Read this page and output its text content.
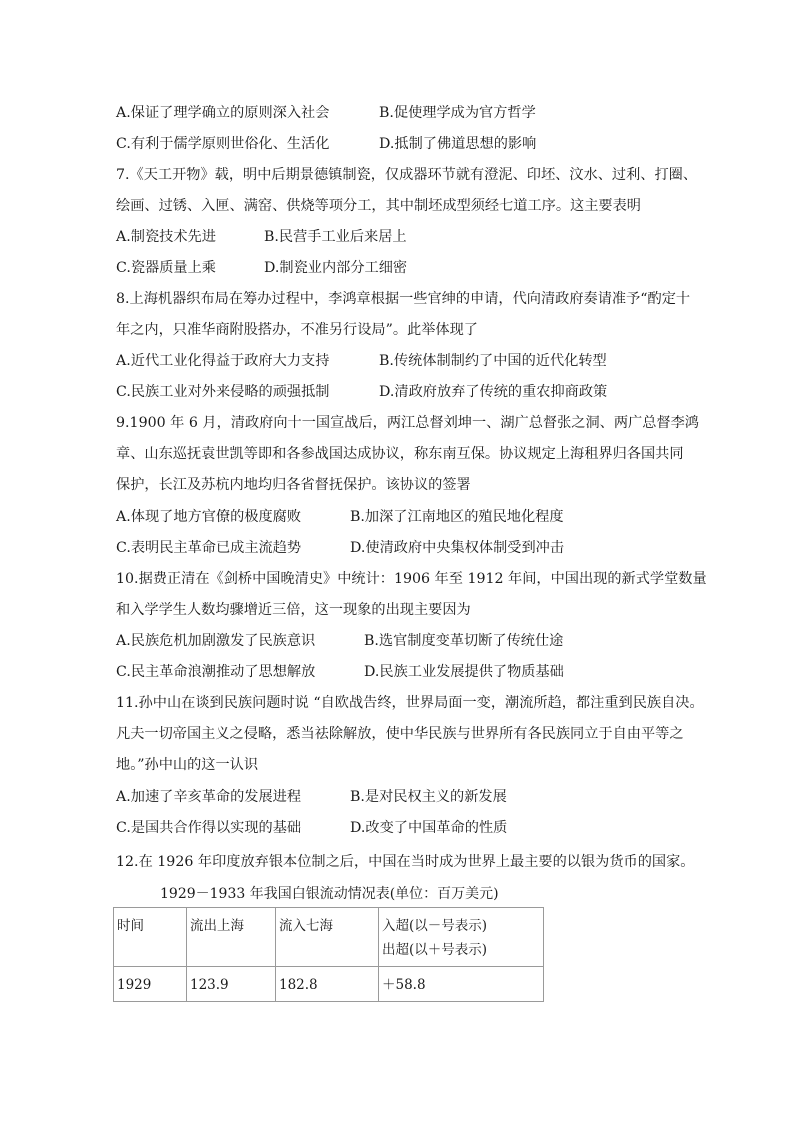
A.保证了理学确立的原则深入社会	B.促使理学成为官方哲学
C.有利于儒学原则世俗化、生活化	D.抵制了佛道思想的影响
7.《天工开物》载，明中后期景德镇制瓷，仅成器环节就有澄泥、印坯、汶水、过利、打圈、
绘画、过锈、入匣、满窑、供烧等项分工，其中制坯成型须经七道工序。这主要表明
A.制瓷技术先进	B.民营手工业后来居上
C.瓷器质量上乘	D.制瓷业内部分工细密
8.上海机器织布局在筹办过程中，李鸿章根据一些官绅的申请，代向清政府奏请准予“酌定十
年之内，只准华商附股搭办，不准另行设局”。此举体现了
A.近代工业化得益于政府大力支持	B.传统体制制约了中国的近代化转型
C.民族工业对外来侵略的顽强抵制	D.清政府放弃了传统的重农抑商政策
9.1900 年 6 月，清政府向十一国宣战后，两江总督刘坤一、湖广总督张之洞、两广总督李鸿
章、山东巡抚袁世凯等即和各参战国达成协议，称东南互保。协议规定上海租界归各国共同
保护，长江及苏杭内地均归各省督抚保护。该协议的签署
A.体现了地方官僚的极度腐败	B.加深了江南地区的殖民地化程度
C.表明民主革命已成主流趋势	D.使清政府中央集权体制受到冲击
10.据费正清在《剑桥中国晚清史》中统计：1906 年至 1912 年间，中国出现的新式学堂数量
和入学学生人数均骤增近三倍，这一现象的出现主要因为
A.民族危机加剧激发了民族意识	B.选官制度变革切断了传统仕途
C.民主革命浪潮推动了思想解放	D.民族工业发展提供了物质基础
11.孙中山在谈到民族问题时说 “自欧战告终，世界局面一变，潮流所趋，都注重到民族自决。
凡夫一切帝国主义之侵略，悉当祛除解放，使中华民族与世界所有各民族同立于自由平等之
地。”孙中山的这一认识
A.加速了辛亥革命的发展进程	B.是对民权主义的新发展
C.是国共合作得以实现的基础	D.改变了中国革命的性质
12.在 1926 年印度放弃银本位制之后，中国在当时成为世界上最主要的以银为货币的国家。
1929－1933 年我国白银流动情况表(单位：百万美元)
时间	流出上海	流入七海	入超(以－号表示)
出超(以＋号表示)

1929	123.9	182.8	＋58.8
